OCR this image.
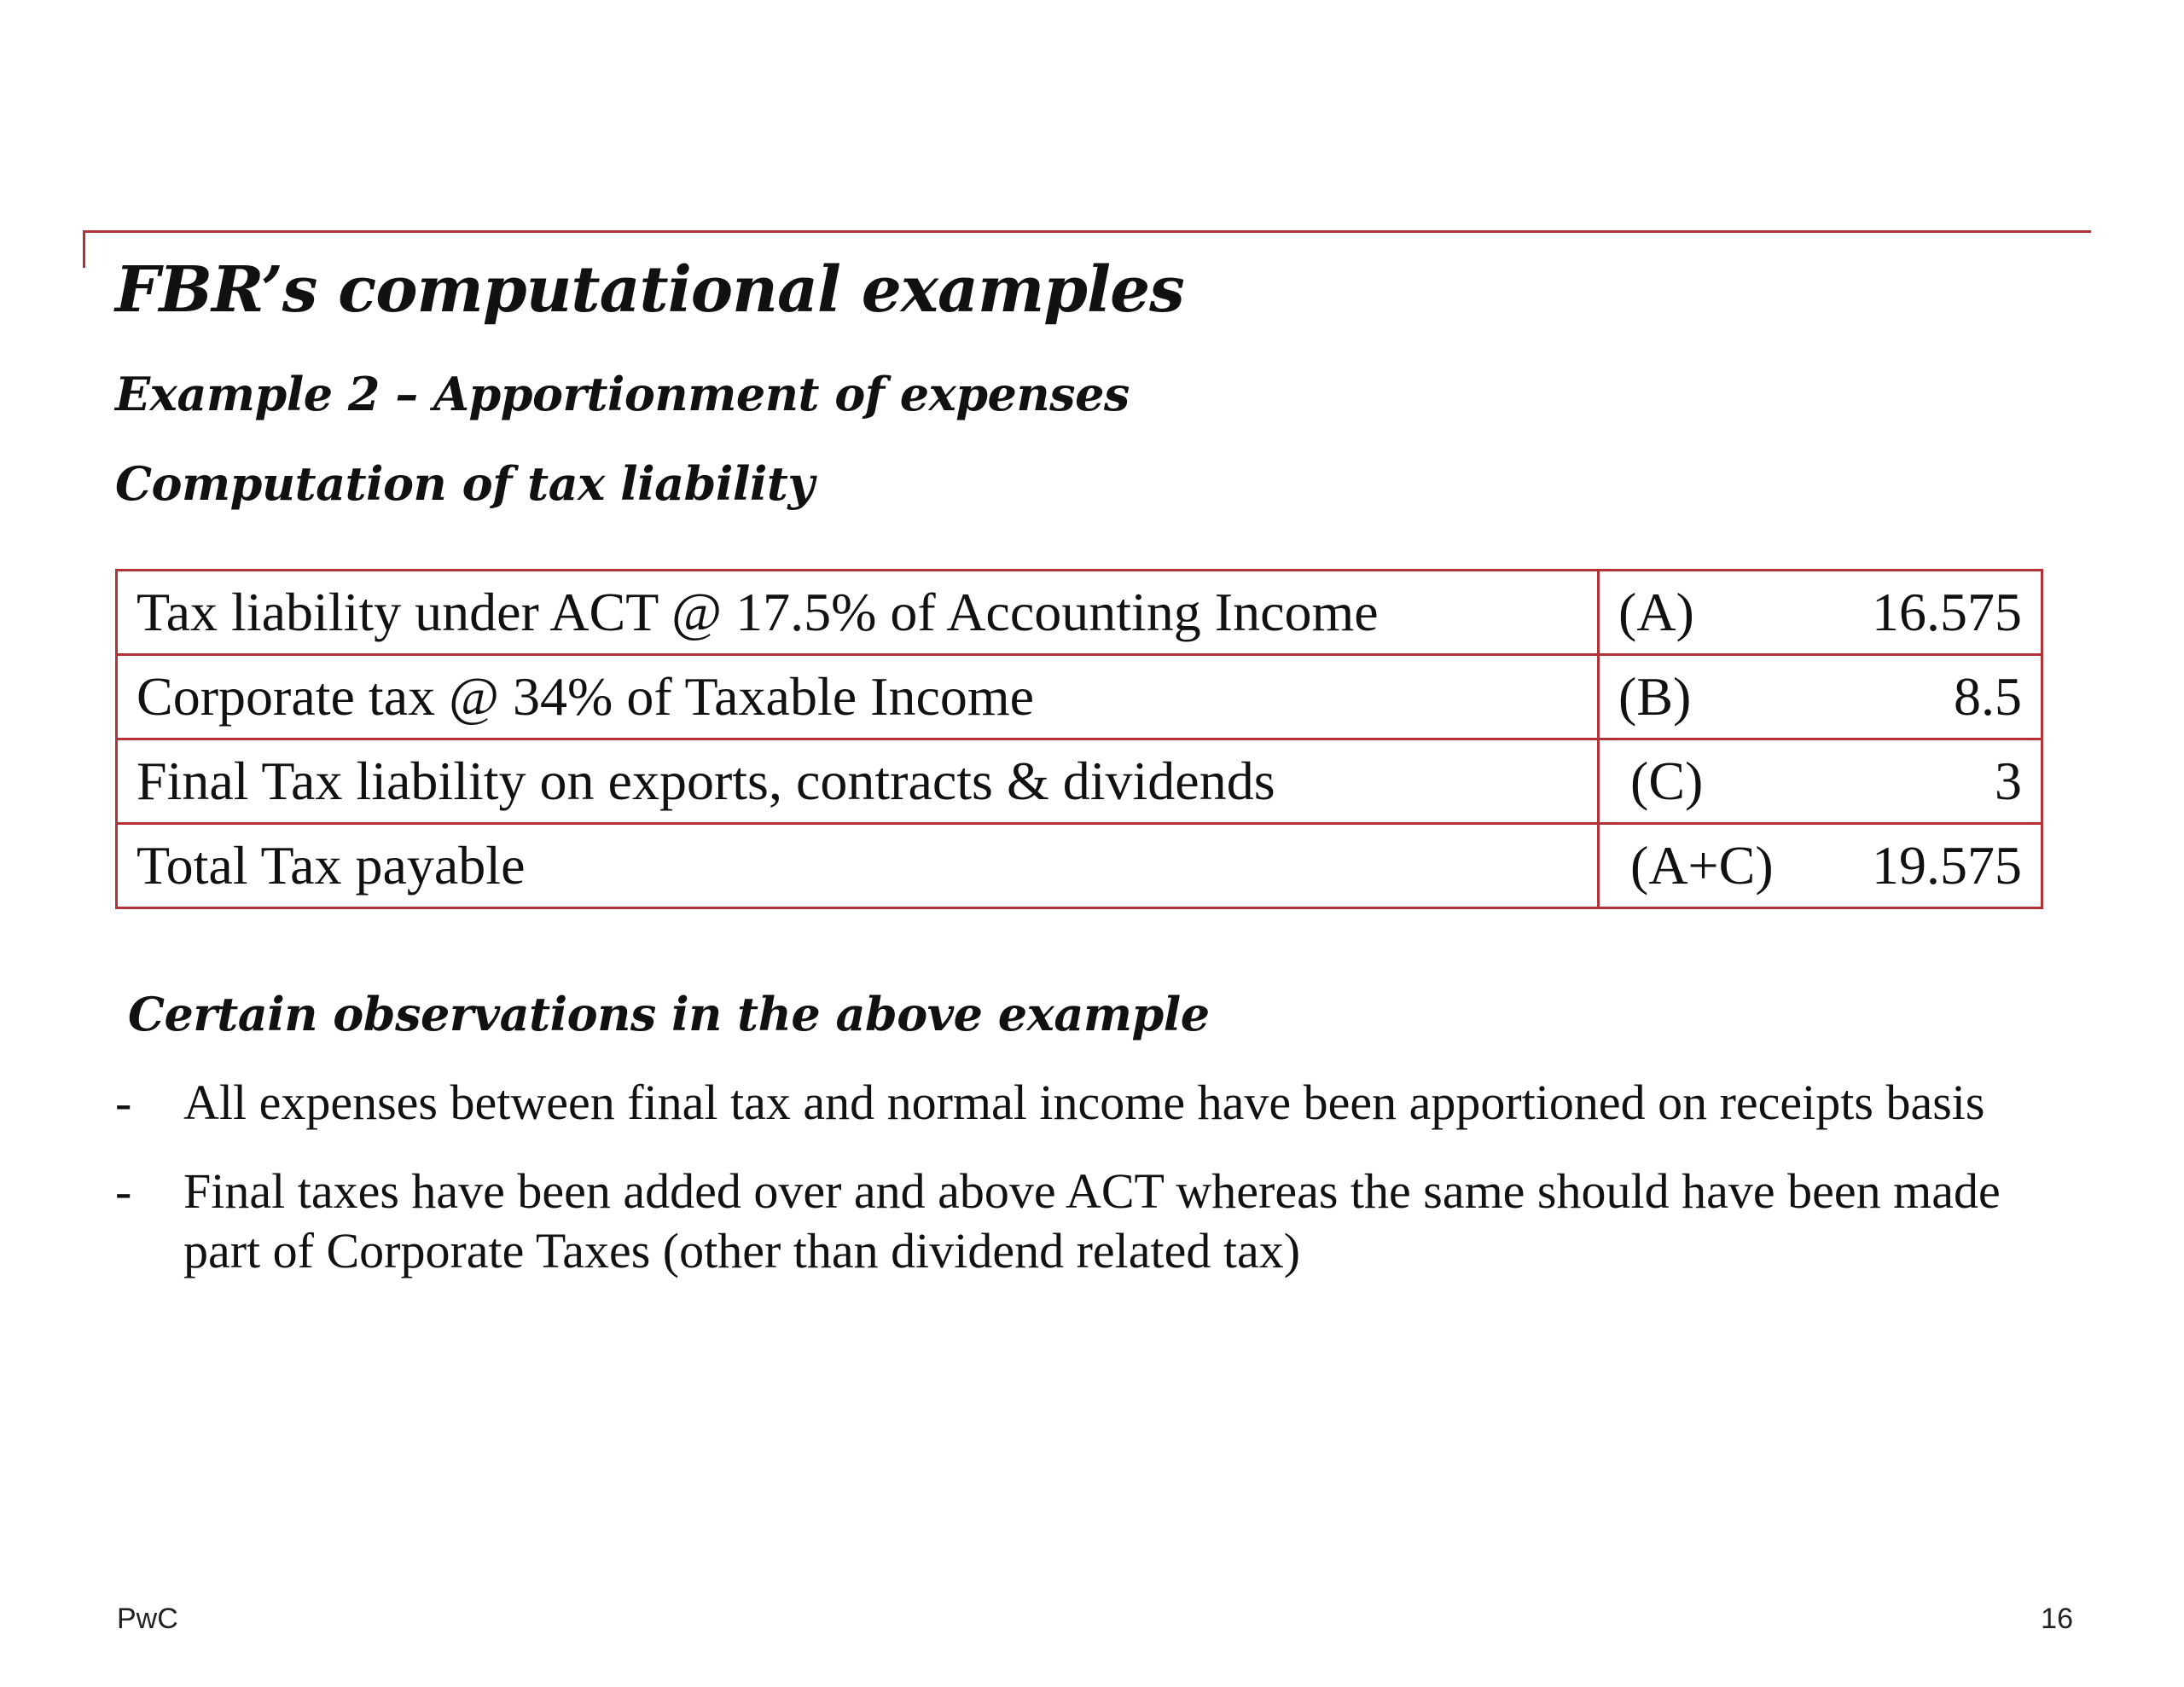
FBR’s computational examples
Example 2 – Apportionment of expenses
Computation of tax liability
Tax liability under ACT @ 17.5% of Accounting Income	(A) 16.575

Corporate tax @ 34% of Taxable Income	(B) 8.5

Final Tax liability on exports, contracts & dividends	(C) 3

Total Tax payable	(A+C) 19.575
Certain observations in the above example
-	All expenses between final tax and normal income have been apportioned on receipts basis
-	Final taxes have been added over and above ACT whereas the same should have been made part of Corporate Taxes (other than dividend related tax)
PwC	16
